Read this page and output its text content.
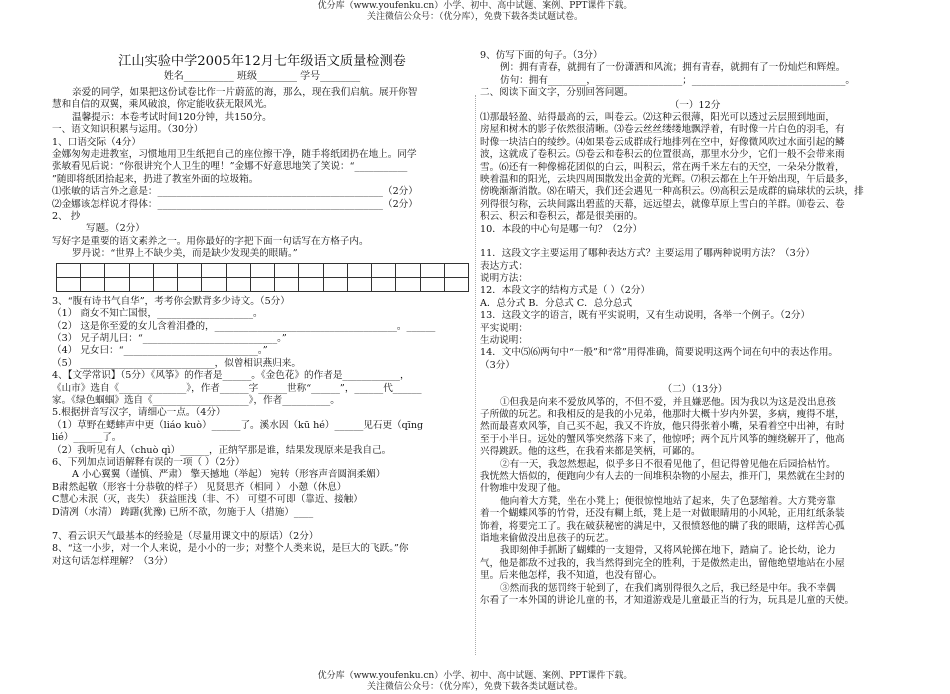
优分库（www.youfenku.cn）小学、初中、高中试题、案例、PPT课件下载。
关注微信公众号：（优分库），免费下载各类试题试卷。
江山实验中学2005年12月七年级语文质量检测卷
姓名__________ 班级________ 学号________
亲爱的同学，如果把这份试卷比作一片蔚蓝的海，那么，现在我们启航。展开你智
慧和自信的双翼，乘风破浪，你定能收获无限风光。
温馨提示：本卷考试时间120分钟，共150分。
一、语文知识积累与运用。（30分）
1、口语交际（4分）
金娜匆匆走进教室，习惯地用卫生纸把自己的座位擦干净，随手将纸团扔在地上。同学
张敏看见后说：“你很讲究个人卫生的哩！”金娜不好意思地笑了笑说：“___________
”随即将纸团拾起来，扔进了教室外面的垃圾箱。
⑴张敏的话言外之意是：_______________________________________________（2分）
⑵金娜该怎样说才得体：_______________________________________________（2分）
2、 抄
写题。（2分）
写好字是重要的语文素养之一。用你最好的字把下面一句话写在方格子内。
罗丹说：“世界上不缺少美，而是缺少发现美的眼睛。”
3、“腹有诗书气自华”，考考你会默背多少诗文。（5分）
（1） 商女不知亡国恨，____________________。
（2） 这是你至爱的女儿含着泪叠的，______________________________________。______
（3） 兄子胡儿曰：“____________________________。”
（4） 兄女曰：“____________________________。”
（5） ____________________________，似曾相识燕归来。
4、【文学常识】（5分）《风筝》的作者是______。《金色花》的作者是____________，
《山市》选自《______________》，作者______字______世称“______”，______代______
家。《绿色蝈蝈》选自《____________________》，作者__________。
5.根据拼音写汉字，请细心一点。（4分）
（1）草野在蟋蟀声中更（liáo kuò）______了。溪水因（kū hé）______见石更（qīng
lié）______了。
（2）我听见有人（chuò qì）______，正纳罕那是谁，结果发现原来是我自己。
6、下列加点词语解释有误的一项（ ）（2分）
A 小心翼翼（谨慎、严肃） 擎天撼地（举起） 宛转（形容声音圆润柔媚）
B肃然起敬（形容十分恭敬的样子） 见贤思齐（相同 ） 小憩（休息）
C慧心未泯（灭，丧失） 获益匪浅（非、不） 可望不可即（靠近、接触）
D清冽（水清） 踌躇(犹豫) 已所不欲，勿施于人（措施）____
7、看云识天气最基本的经验是（尽量用课文中的原话）（2分）
8、“这一小步，对一个人来说，是小小的一步；对整个人类来说，是巨大的飞跃。”你
对这句话怎样理解？（3分）
9、仿写下面的句子。（3分）
例：拥有青春，就拥有了一份潇洒和风流；拥有青春，就拥有了一份灿烂和辉煌。
仿句：拥有________，__________________；________________________________。
二、阅读下面文字，分别回答问题。
（一）12分
⑴那最轻盈、站得最高的云，叫卷云。⑵这种云很薄，阳光可以透过云层照到地面，
房屋和树木的影子依然很清晰。⑶卷云丝丝缕缕地飘浮着，有时像一片白色的羽毛，有
时像一块洁白的绫纱。⑷如果卷云成群成行地排列在空中，好像微风吹过水面引起的鳞
波，这就成了卷积云。⑸卷云和卷积云的位置很高，那里水分少，它们一般不会带来雨
雪。⑹还有一种像棉花团似的白云，叫积云，常在两千米左右的天空，一朵朵分散着，
映着温和的阳光，云块四周围散发出金黄的光辉。⑺积云都在上午开始出现，午后最多，
傍晚渐渐消散。⑻在晴天，我们还会遇见一种高积云。⑼高积云是成群的扁球状的云块，排
列得很匀称，云块间露出碧蓝的天幕，远远望去，就像草原上雪白的羊群。⑽卷云、卷
积云、积云和卷积云，都是很美丽的。
10．本段的中心句是哪一句？（2分）
11．这段文字主要运用了哪种表达方式？主要运用了哪两种说明方法？（3分）
表达方式：
说明方法：
12．本段文字的结构方式是（ ）（2分）
A．总分式 B．分总式 C．总分总式
13．这段文字的语言，既有平实说明，又有生动说明，各举一个例子。（2分）
平实说明：
生动说明：
14．文中⑸⑹两句中“一般”和“常”用得准确，简要说明这两个词在句中的表达作用。
（3分）
（二）（13分）
①但我是向来不爱放风筝的，不但不爱，并且嫌恶他。因为我以为这是没出息孩
子所做的玩艺。和我相反的是我的小兄弟，他那时大概十岁内外罢，多病，瘦得不堪，
然而最喜欢风筝，自己买不起，我又不许放，他只得张着小嘴，呆看着空中出神，有时
至于小半日。远处的蟹风筝突然落下来了，他惊呼；两个瓦片风筝的缠绕解开了，他高
兴得跳跃。他的这些，在我看来都是笑柄，可鄙的。
②有一天，我忽然想起，似乎多日不很看见他了，但记得曾见他在后园拾枯竹。
我恍然大悟似的，便跑向少有人去的一间堆积杂物的小屋去，推开门，果然就在尘封的
什物堆中发现了他。
他向着大方凳，坐在小凳上；便很惊惶地站了起来，失了色瑟缩着。大方凳旁靠
着一个蝴蝶风筝的竹骨，还没有糊上纸，凳上是一对做眼睛用的小风轮，正用红纸条装
饰着，将要完工了。我在破获秘密的满足中，又很愤怒他的瞒了我的眼睛，这样苦心孤
诣地来偷做没出息孩子的玩艺。
我即刻伸手抓断了蝴蝶的一支翅骨，又将风轮掷在地下，踏扁了。论长幼，论力
气，他是都敌不过我的，我当然得到完全的胜利，于是傲然走出，留他绝望地站在小屋
里。后来他怎样，我不知道，也没有留心。
③然而我的惩罚终于轮到了，在我们离别得很久之后，我已经是中年。我不幸偶
尔看了一本外国的讲论儿童的书，才知道游戏是儿童最正当的行为，玩具是儿童的天使。
优分库（www.youfenku.cn）小学、初中、高中试题、案例、PPT课件下载。
关注微信公众号：（优分库），免费下载各类试题试卷。
